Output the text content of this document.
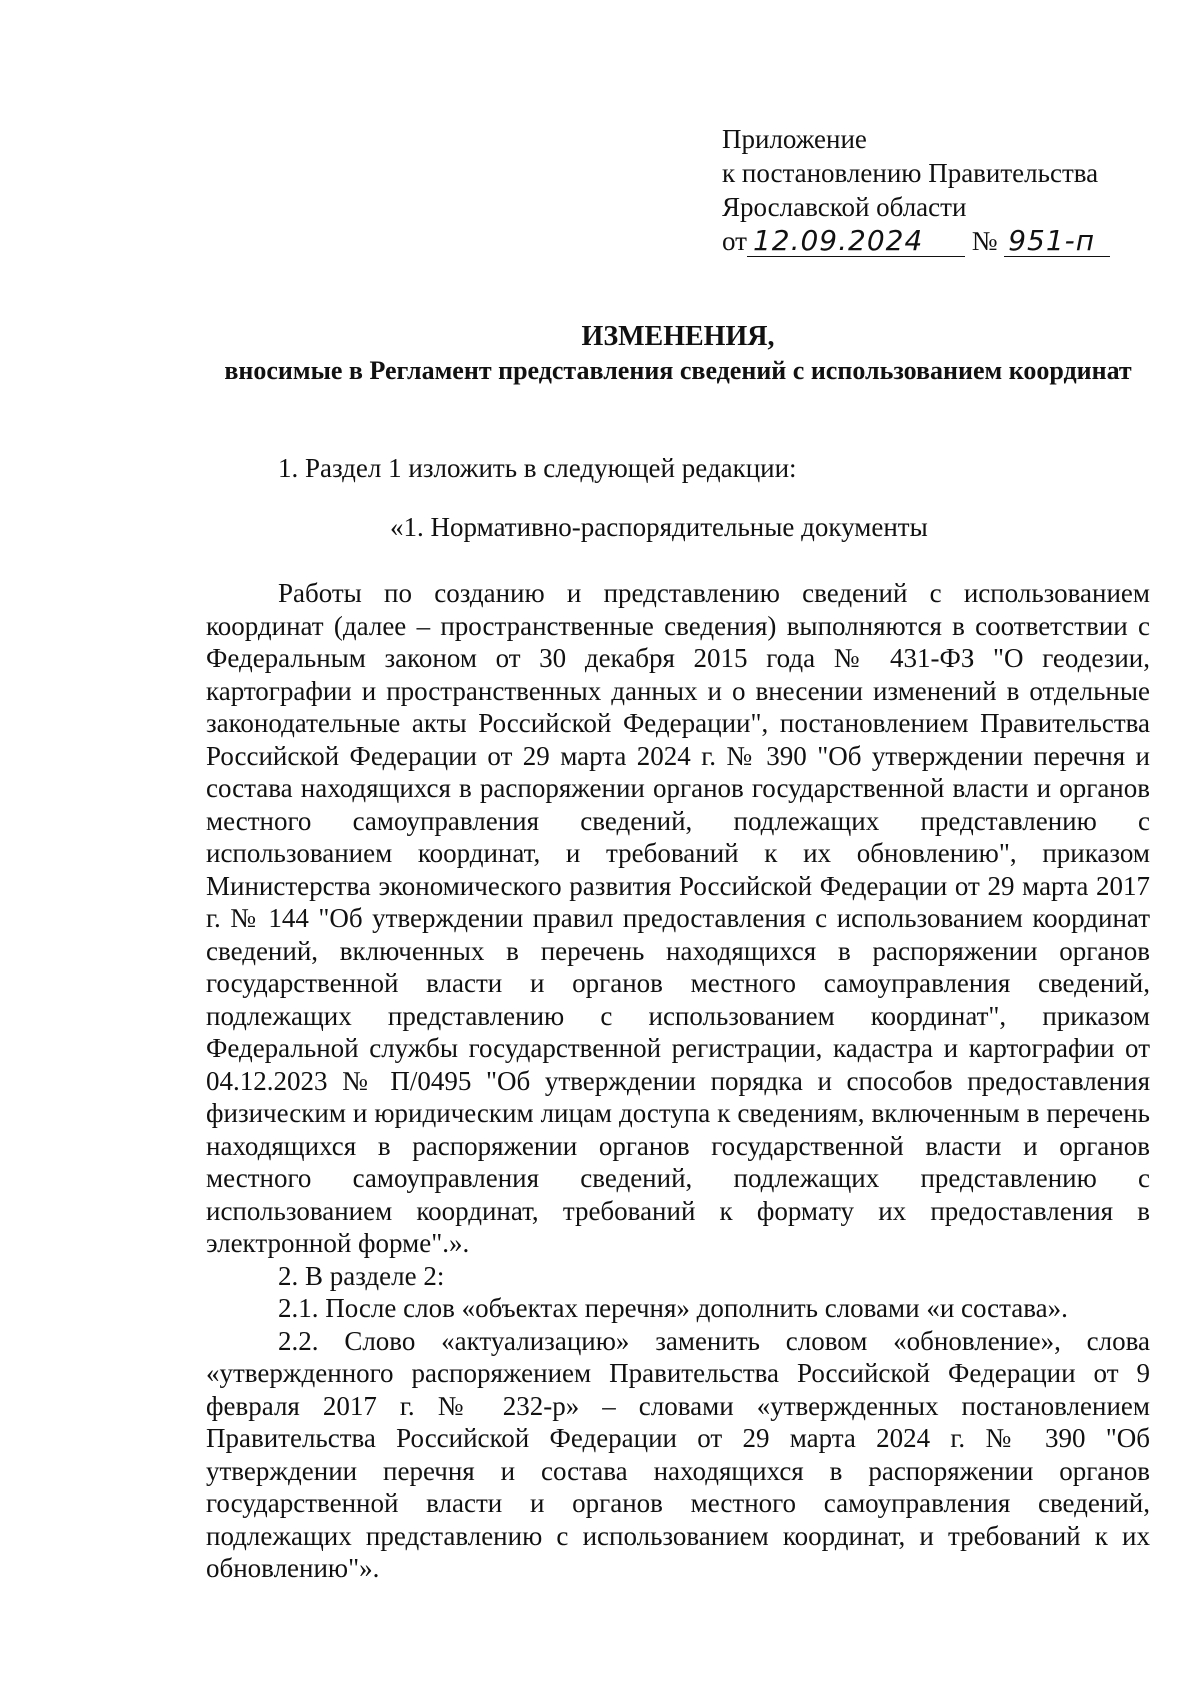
Приложение
к постановлению Правительства
Ярославской области
от 12.09.2024 № 951-п
ИЗМЕНЕНИЯ,
вносимые в Регламент представления сведений с использованием координат

1. Раздел 1 изложить в следующей редакции:

«1. Нормативно-распорядительные документы

Работы по созданию и представлению сведений с использованием координат (далее – пространственные сведения) выполняются в соответствии с Федеральным законом от 30 декабря 2015 года № 431-ФЗ "О геодезии, картографии и пространственных данных и о внесении изменений в отдельные законодательные акты Российской Федерации", постановлением Правительства Российской Федерации от 29 марта 2024 г. № 390 "Об утверждении перечня и состава находящихся в распоряжении органов государственной власти и органов местного самоуправления сведений, подлежащих представлению с использованием координат, и требований к их обновлению", приказом Министерства экономического развития Российской Федерации от 29 марта 2017 г. № 144 "Об утверждении правил предоставления с использованием координат сведений, включенных в перечень находящихся в распоряжении органов государственной власти и органов местного самоуправления сведений, подлежащих представлению с использованием координат", приказом Федеральной службы государственной регистрации, кадастра и картографии от 04.12.2023 № П/0495 "Об утверждении порядка и способов предоставления физическим и юридическим лицам доступа к сведениям, включенным в перечень находящихся в распоряжении органов государственной власти и органов местного самоуправления сведений, подлежащих представлению с использованием координат, требований к формату их предоставления в электронной форме".».

2. В разделе 2:

2.1. После слов «объектах перечня» дополнить словами «и состава».

2.2. Слово «актуализацию» заменить словом «обновление», слова «утвержденного распоряжением Правительства Российской Федерации от 9 февраля 2017 г. № 232-р» – словами «утвержденных постановлением Правительства Российской Федерации от 29 марта 2024 г. № 390 "Об утверждении перечня и состава находящихся в распоряжении органов государственной власти и органов местного самоуправления сведений, подлежащих представлению с использованием координат, и требований к их обновлению"».
